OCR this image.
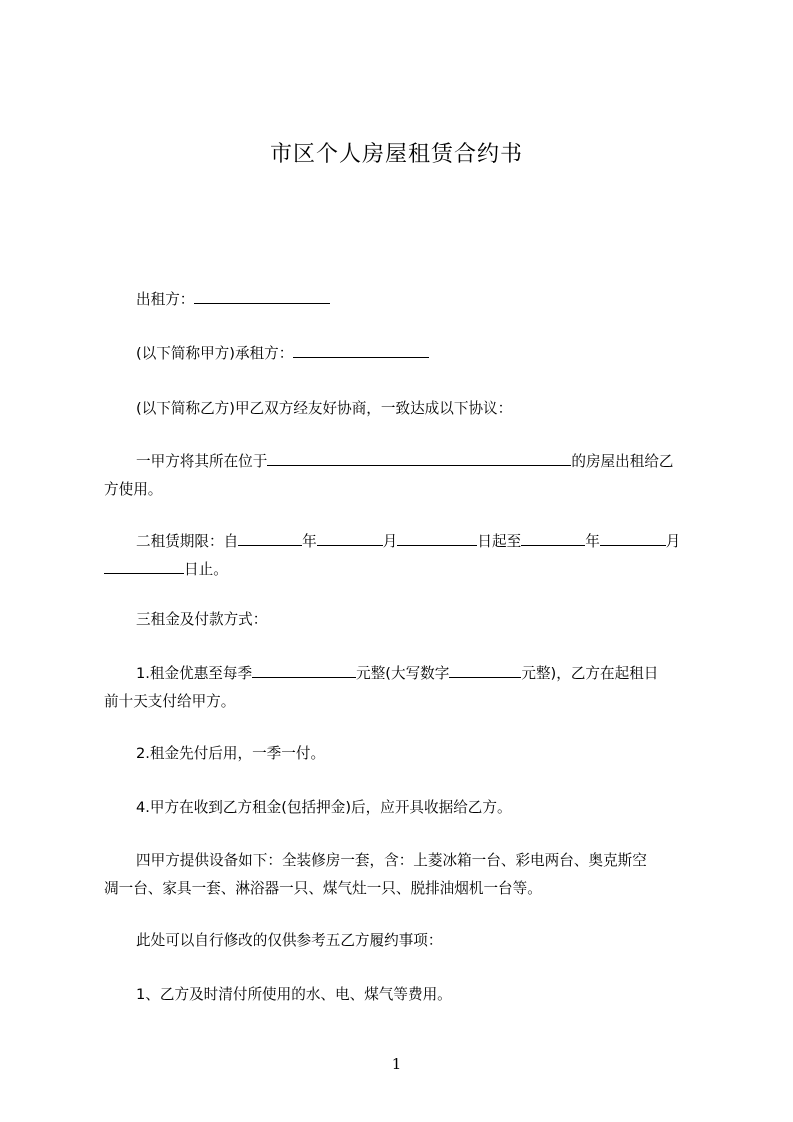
市区个人房屋租赁合约书

出租方：

(以下简称甲方)承租方：

(以下简称乙方)甲乙双方经友好协商，一致达成以下协议：

一甲方将其所在位于	的房屋出租给乙
方使用。

二租赁期限：自	年	月	日起至	年	月
日止。

三租金及付款方式：

1.租金优惠至每季	元整(大写数字	元整)，乙方在起租日
前十天支付给甲方。

2.租金先付后用，一季一付。

4.甲方在收到乙方租金(包括押金)后，应开具收据给乙方。

四甲方提供设备如下：全装修房一套，含：上菱冰箱一台、彩电两台、奥克斯空
凋一台、家具一套、淋浴器一只、煤气灶一只、脱排油烟机一台等。

此处可以自行修改的仅供参考五乙方履约事项：

1、乙方及时清付所使用的水、电、煤气等费用。

1
